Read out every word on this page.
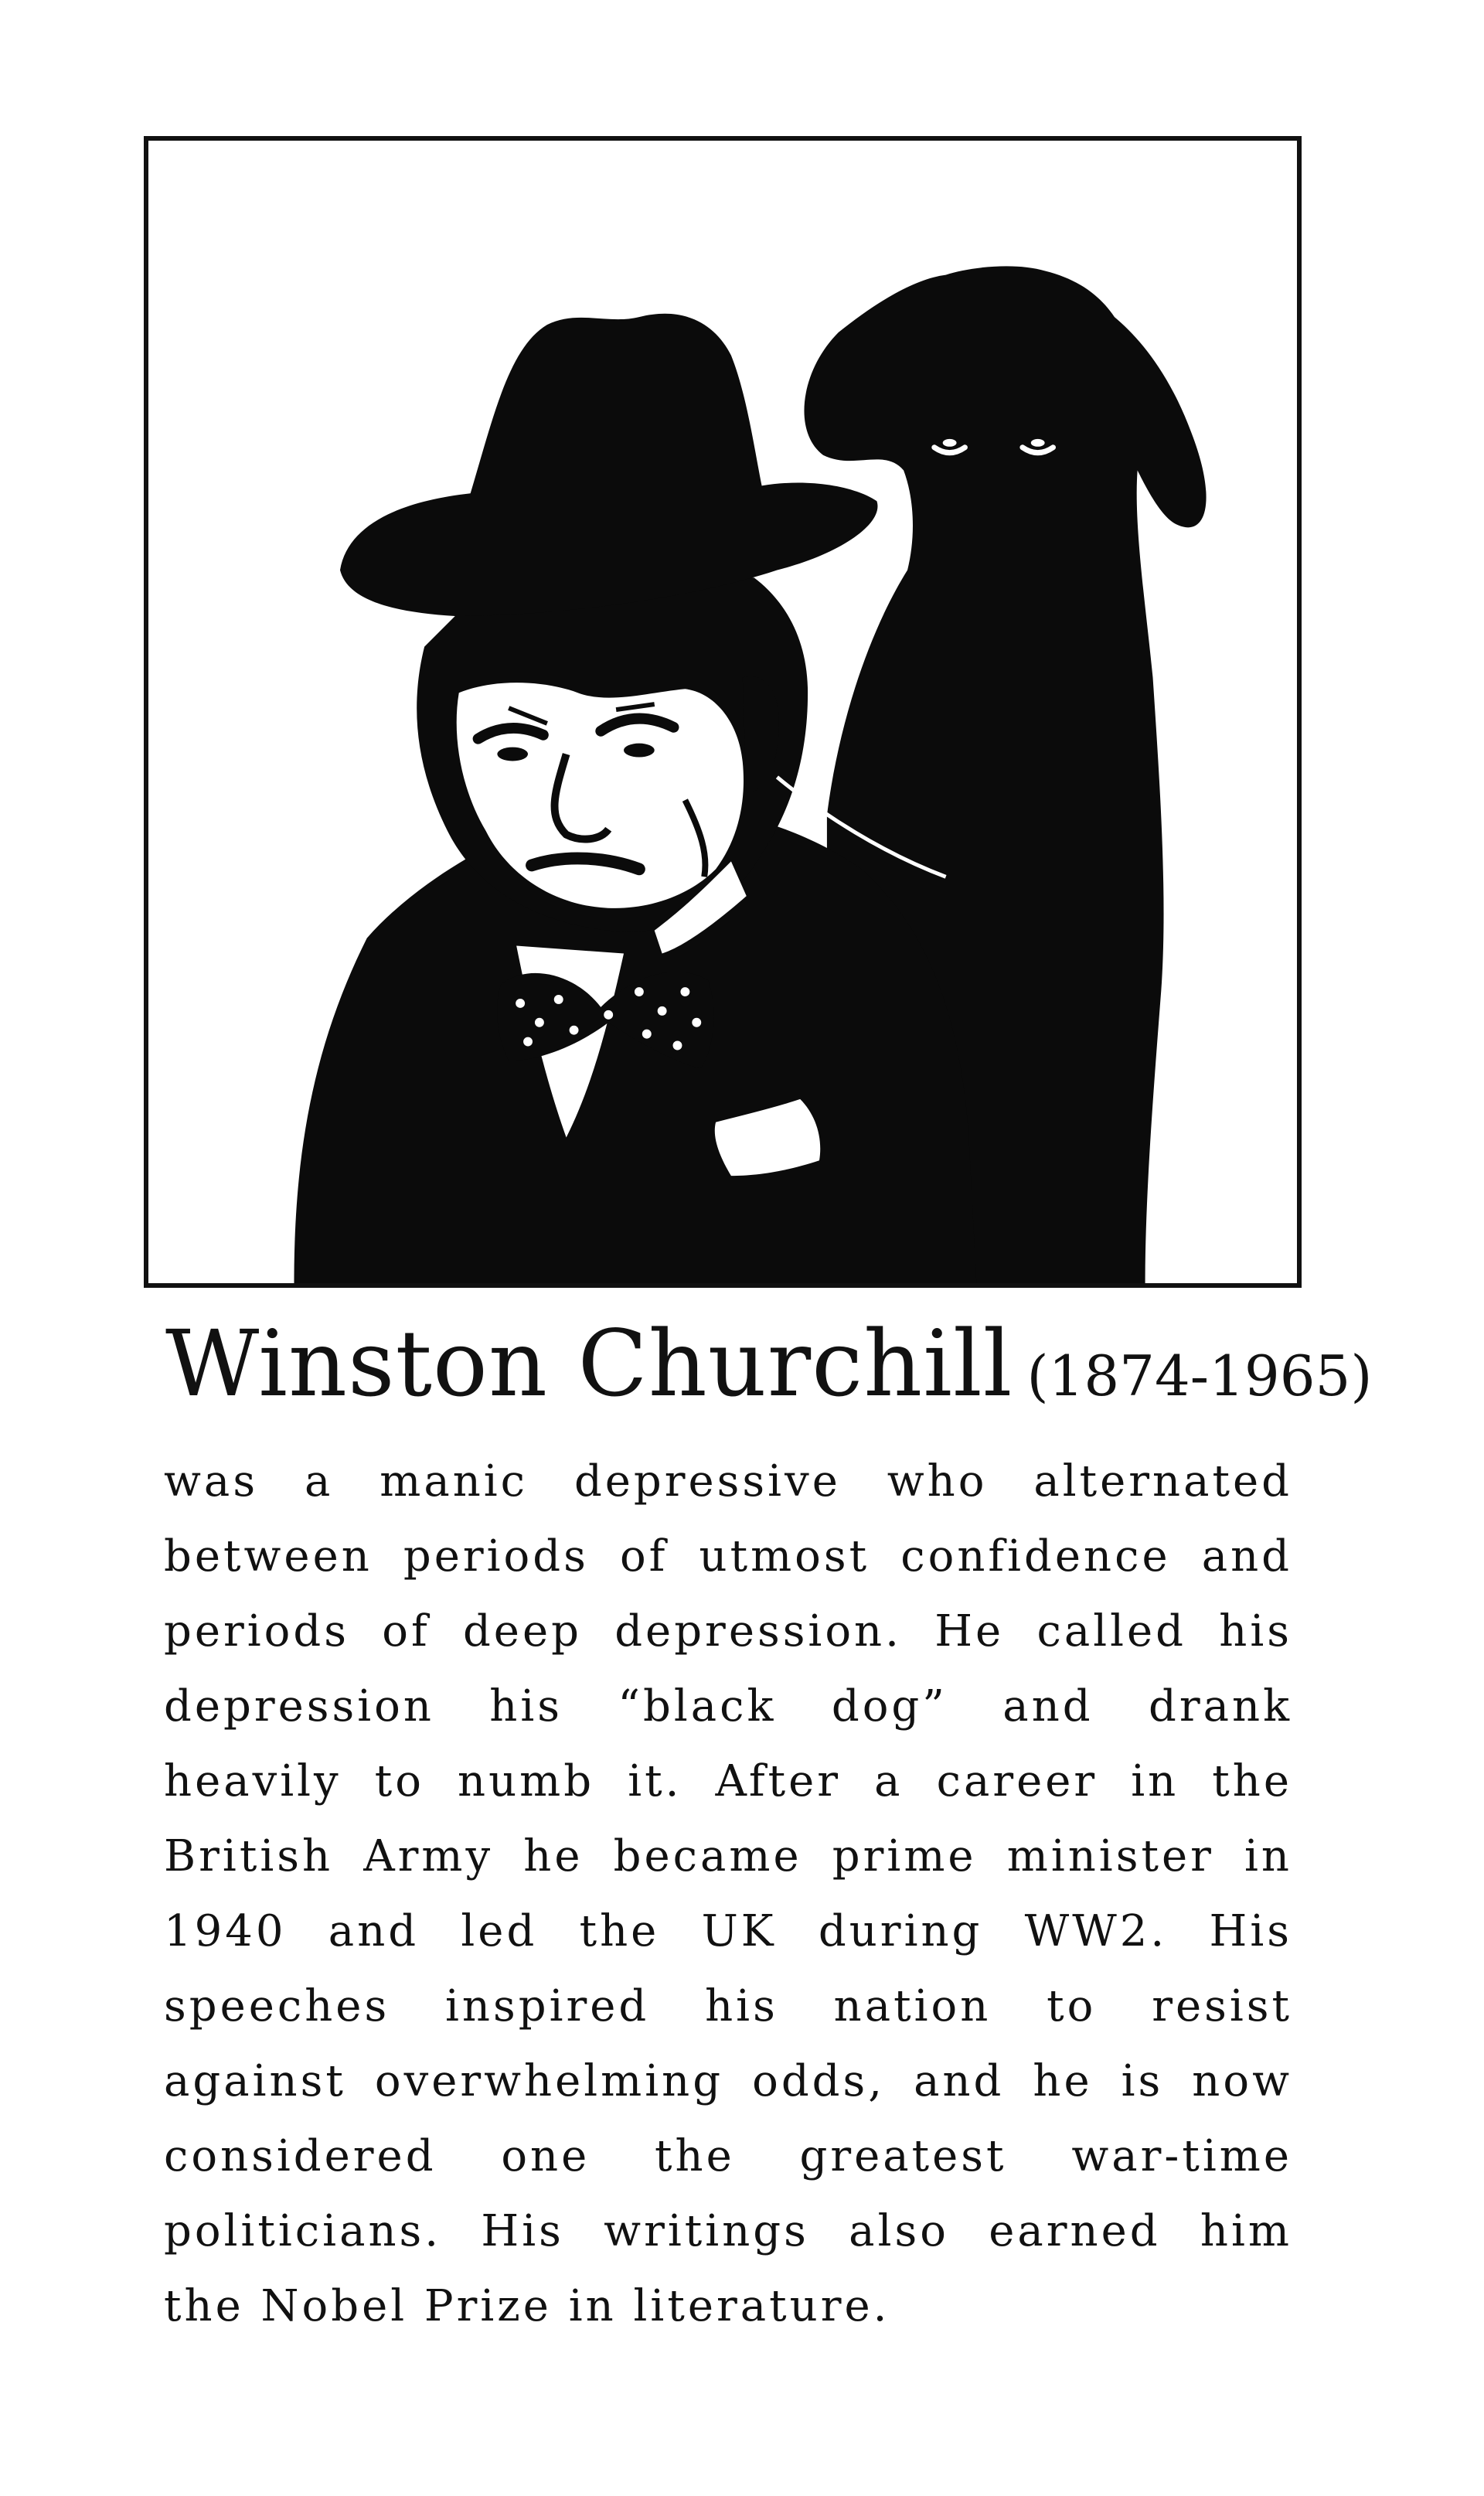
Winston Churchill (1874-1965)
was a manic depressive who alternated
between periods of utmost confidence and
periods of deep depression. He called his
depression his “black dog” and drank
heavily to numb it. After a career in the
British Army he became prime minister in
1940 and led the UK during WW2. His
speeches inspired his nation to resist
against overwhelming odds, and he is now
considered one the greatest war-time
politicians. His writings also earned him
the Nobel Prize in literature.
